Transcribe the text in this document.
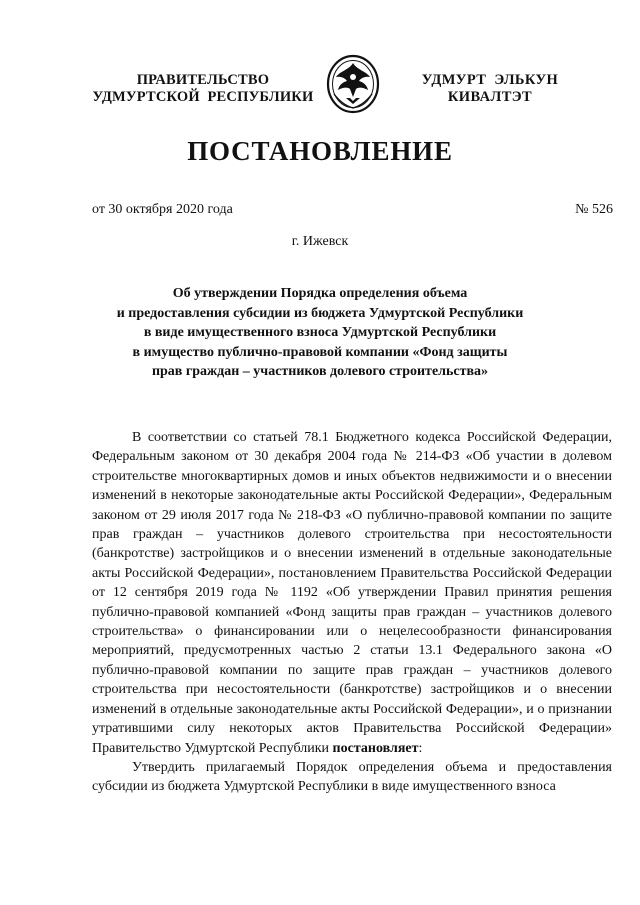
ПРАВИТЕЛЬСТВО
УДМУРТСКОЙ  РЕСПУБЛИКИ
УДМУРТ  ЭЛЬКУН
КИВАЛТЭТ
ПОСТАНОВЛЕНИЕ
от 30 октября 2020 года	№ 526
г. Ижевск
Об утверждении Порядка определения объема
и предоставления субсидии из бюджета Удмуртской Республики
в виде имущественного взноса Удмуртской Республики
в имущество публично-правовой компании «Фонд защиты
прав граждан – участников долевого строительства»

В соответствии со статьей 78.1 Бюджетного кодекса Российской Федерации, Федеральным законом от 30 декабря 2004 года № 214-ФЗ «Об участии в долевом строительстве многоквартирных домов и иных объектов недвижимости и о внесении изменений в некоторые законодательные акты Российской Федерации», Федеральным законом от 29 июля 2017 года № 218-ФЗ «О публично-правовой компании по защите прав граждан – участников долевого строительства при несостоятельности (банкротстве) застройщиков и о внесении изменений в отдельные законодательные акты Российской Федерации», постановлением Правительства Российской Федерации от 12 сентября 2019 года № 1192 «Об утверждении Правил принятия решения публично-правовой компанией «Фонд защиты прав граждан – участников долевого строительства» о финансировании или о нецелесообразности финансирования мероприятий, предусмотренных частью 2 статьи 13.1 Федерального закона «О публично-правовой компании по защите прав граждан – участников долевого строительства при несостоятельности (банкротстве) застройщиков и о внесении изменений в отдельные законодательные акты Российской Федерации», и о признании утратившими силу некоторых актов Правительства Российской Федерации» Правительство Удмуртской Республики постановляет:

Утвердить прилагаемый Порядок определения объема и предоставления субсидии из бюджета Удмуртской Республики в виде имущественного взноса
